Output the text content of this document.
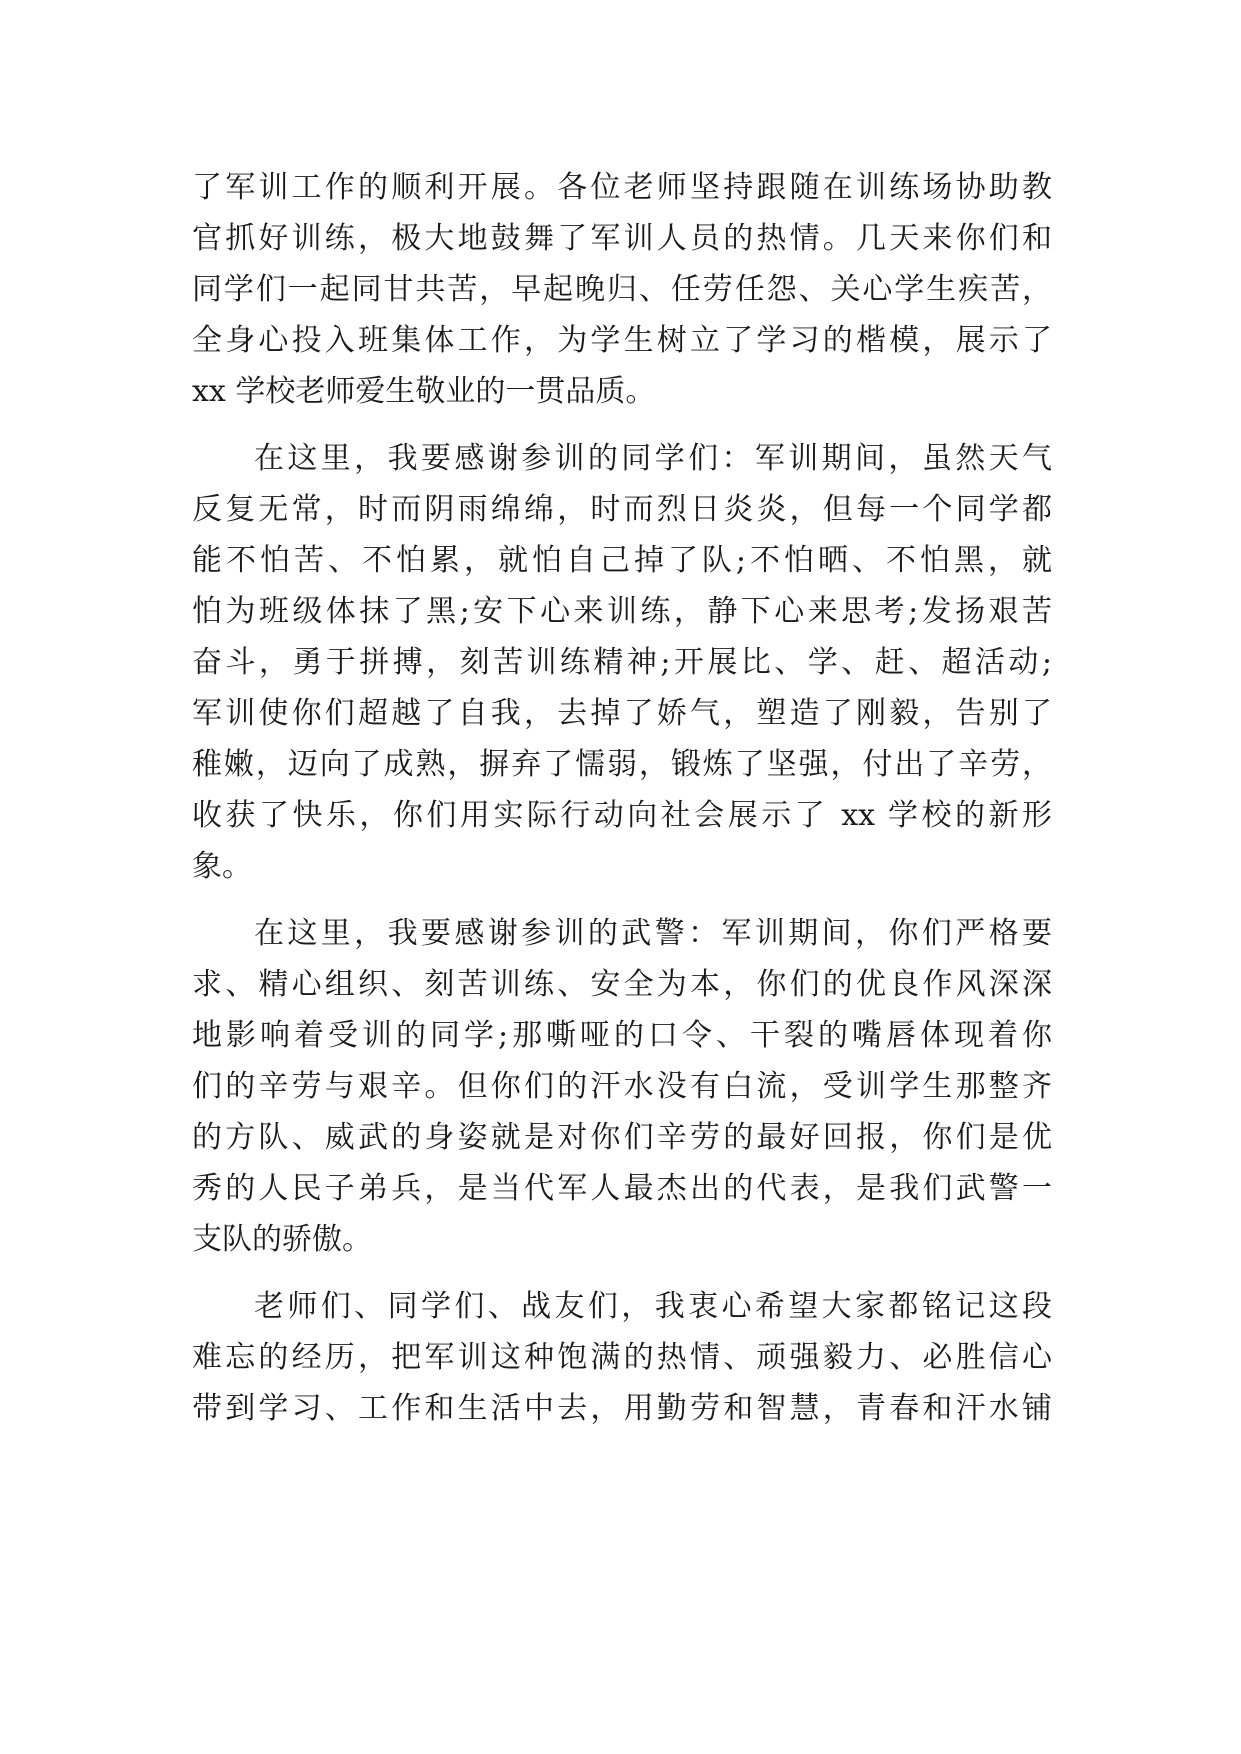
了军训工作的顺利开展。各位老师坚持跟随在训练场协助教

官抓好训练，极大地鼓舞了军训人员的热情。几天来你们和

同学们一起同甘共苦，早起晚归、任劳任怨、关心学生疾苦，

全身心投入班集体工作，为学生树立了学习的楷模，展示了

xx 学校老师爱生敬业的一贯品质。

在这里，我要感谢参训的同学们：军训期间，虽然天气

反复无常，时而阴雨绵绵，时而烈日炎炎，但每一个同学都

能不怕苦、不怕累，就怕自己掉了队;不怕晒、不怕黑，就

怕为班级体抹了黑;安下心来训练，静下心来思考;发扬艰苦

奋斗，勇于拼搏，刻苦训练精神;开展比、学、赶、超活动;

军训使你们超越了自我，去掉了娇气，塑造了刚毅，告别了

稚嫩，迈向了成熟，摒弃了懦弱，锻炼了坚强，付出了辛劳，

收获了快乐，你们用实际行动向社会展示了 xx 学校的新形

象。

在这里，我要感谢参训的武警：军训期间，你们严格要

求、精心组织、刻苦训练、安全为本，你们的优良作风深深

地影响着受训的同学;那嘶哑的口令、干裂的嘴唇体现着你

们的辛劳与艰辛。但你们的汗水没有白流，受训学生那整齐

的方队、威武的身姿就是对你们辛劳的最好回报，你们是优

秀的人民子弟兵，是当代军人最杰出的代表，是我们武警一

支队的骄傲。

老师们、同学们、战友们，我衷心希望大家都铭记这段

难忘的经历，把军训这种饱满的热情、顽强毅力、必胜信心

带到学习、工作和生活中去，用勤劳和智慧，青春和汗水铺
